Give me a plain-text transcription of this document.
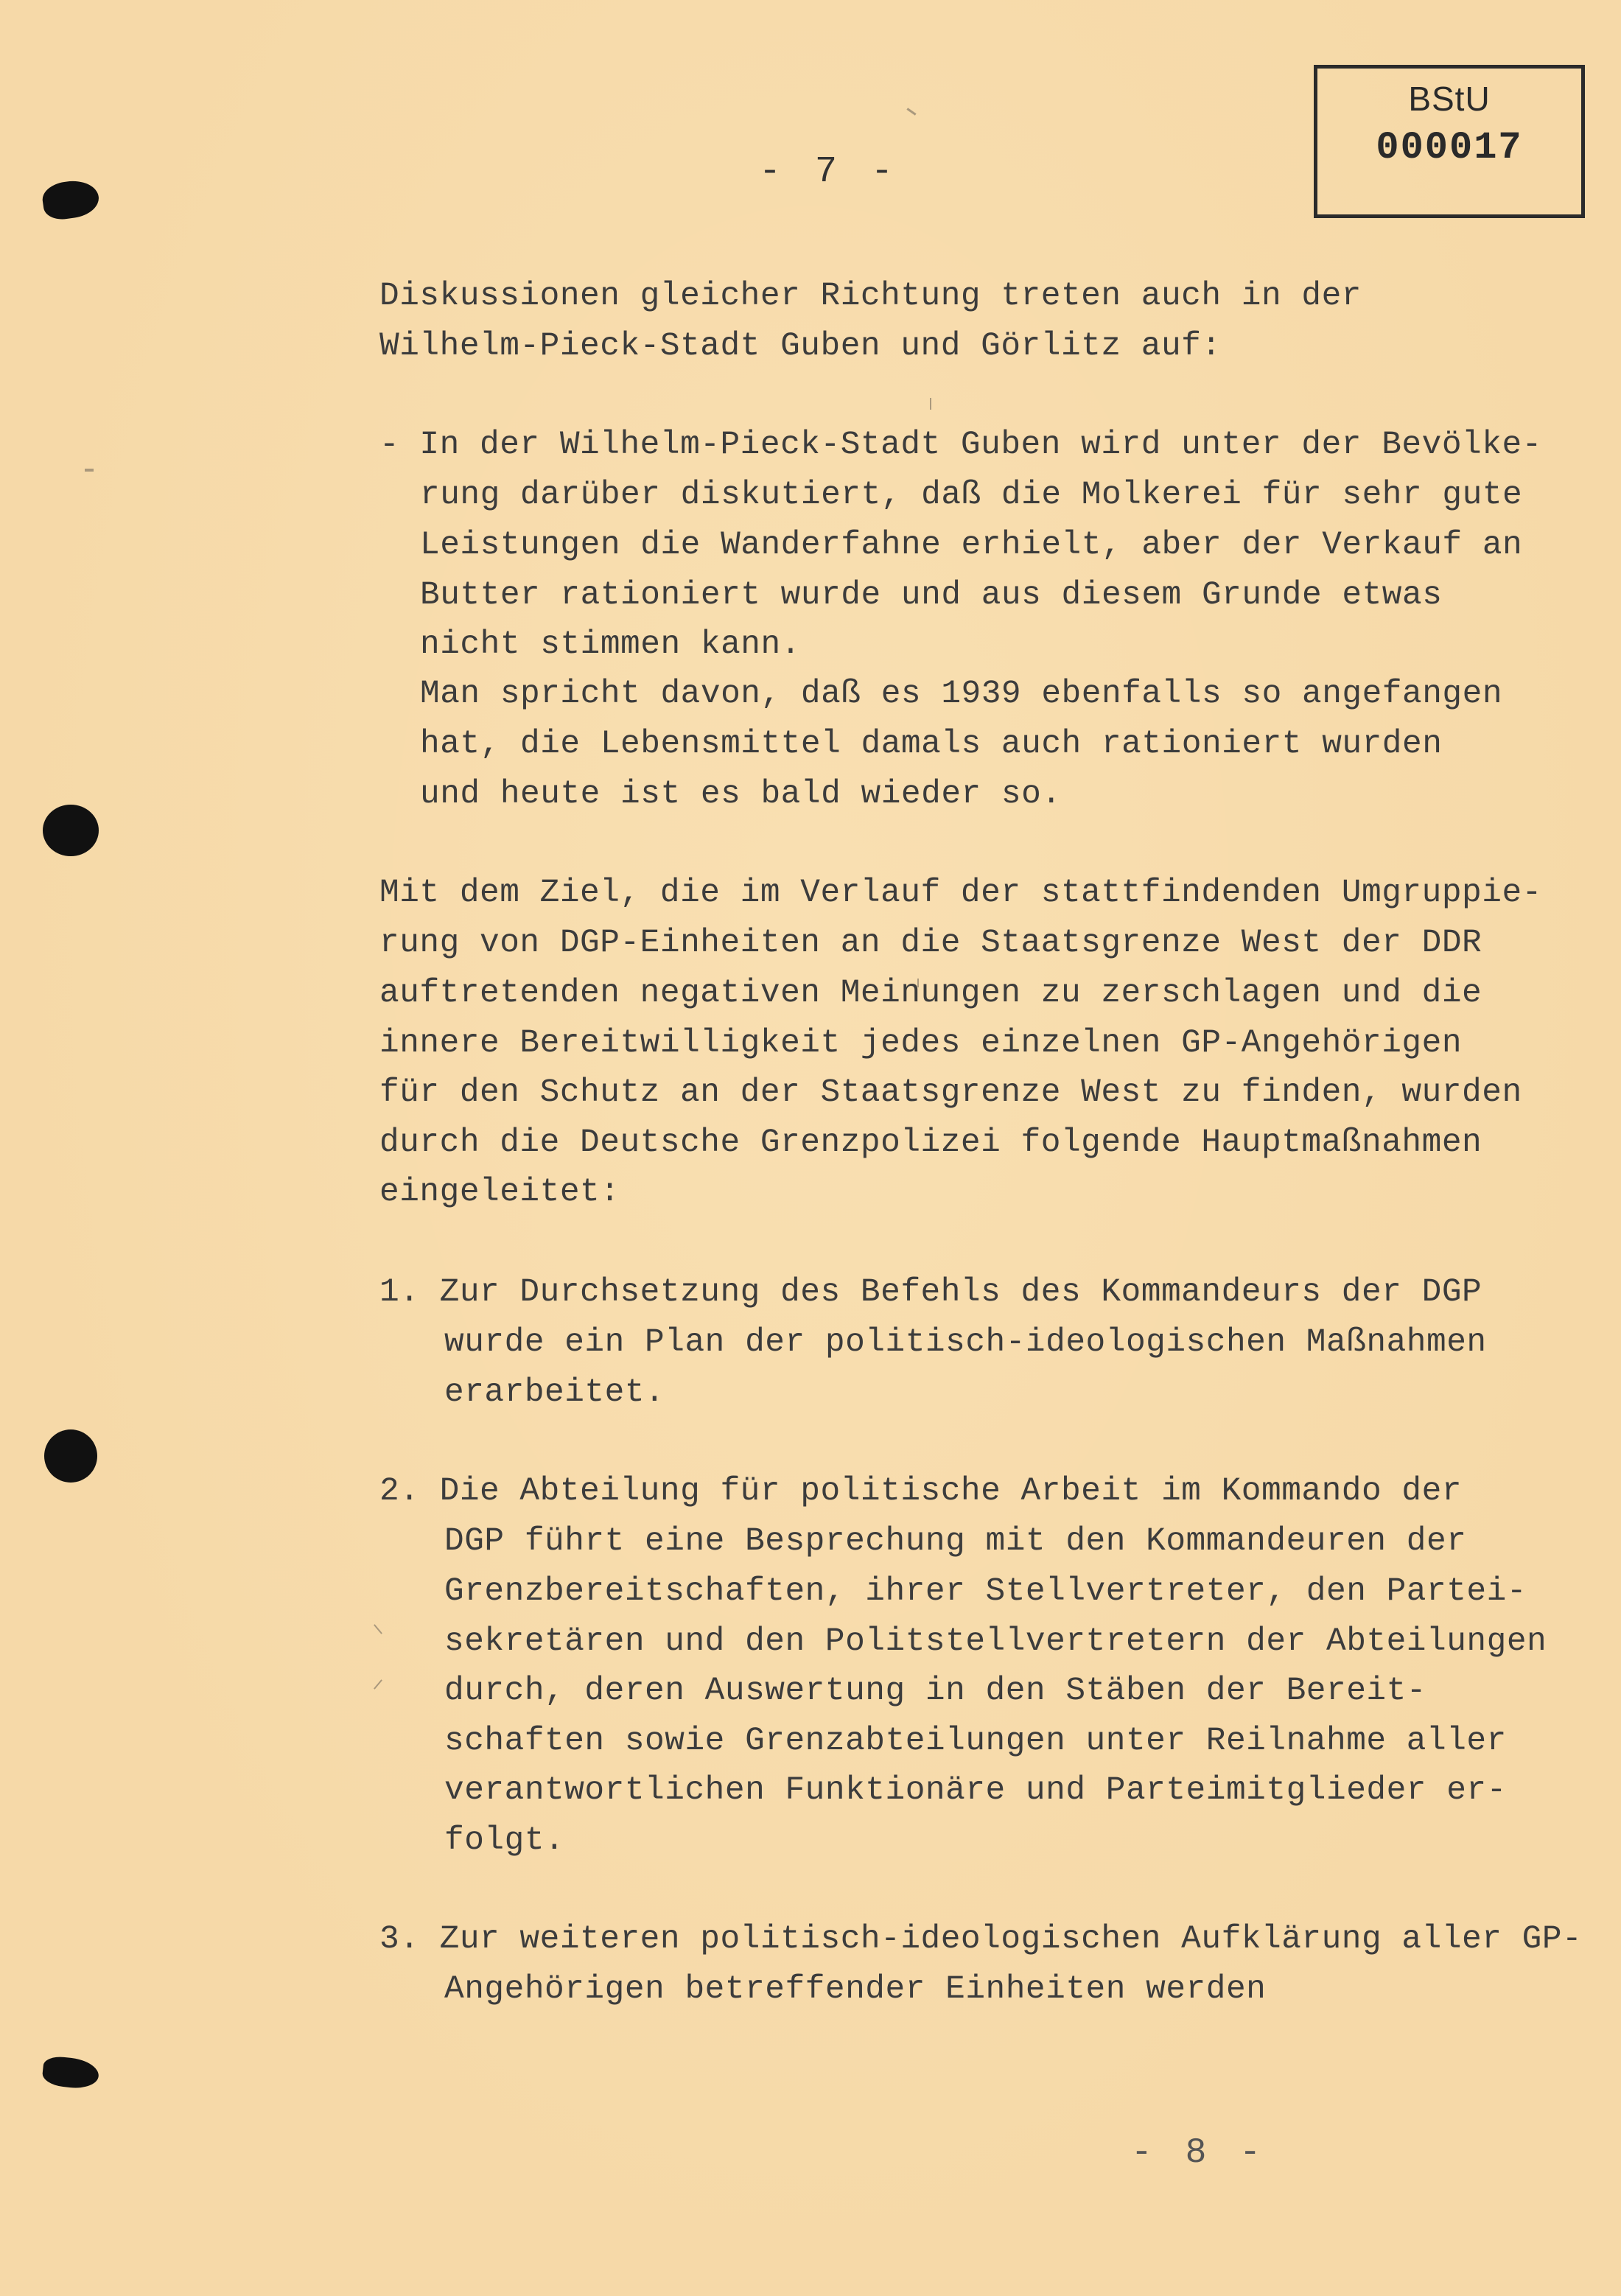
BStU
000017
- 7 -
Diskussionen gleicher Richtung treten auch in der
Wilhelm-Pieck-Stadt Guben und Görlitz auf:
- In der Wilhelm-Pieck-Stadt Guben wird unter der Bevölke-
rung darüber diskutiert, daß die Molkerei für sehr gute
Leistungen die Wanderfahne erhielt, aber der Verkauf an
Butter rationiert wurde und aus diesem Grunde etwas
nicht stimmen kann.
Man spricht davon, daß es 1939 ebenfalls so angefangen
hat, die Lebensmittel damals auch rationiert wurden
und heute ist es bald wieder so.
Mit dem Ziel, die im Verlauf der stattfindenden Umgruppie-
rung von DGP-Einheiten an die Staatsgrenze West der DDR
auftretenden negativen Meinungen zu zerschlagen und die
innere Bereitwilligkeit jedes einzelnen GP-Angehörigen
für den Schutz an der Staatsgrenze West zu finden, wurden
durch die Deutsche Grenzpolizei folgende Hauptmaßnahmen
eingeleitet:
1. Zur Durchsetzung des Befehls des Kommandeurs der DGP
wurde ein Plan der politisch-ideologischen Maßnahmen
erarbeitet.
2. Die Abteilung für politische Arbeit im Kommando der
DGP führt eine Besprechung mit den Kommandeuren der
Grenzbereitschaften, ihrer Stellvertreter, den Partei-
sekretären und den Politstellvertretern der Abteilungen
durch, deren Auswertung in den Stäben der Bereit-
schaften sowie Grenzabteilungen unter Reilnahme aller
verantwortlichen Funktionäre und Parteimitglieder er-
folgt.
3. Zur weiteren politisch-ideologischen Aufklärung aller GP-
Angehörigen betreffender Einheiten werden
- 8 -
